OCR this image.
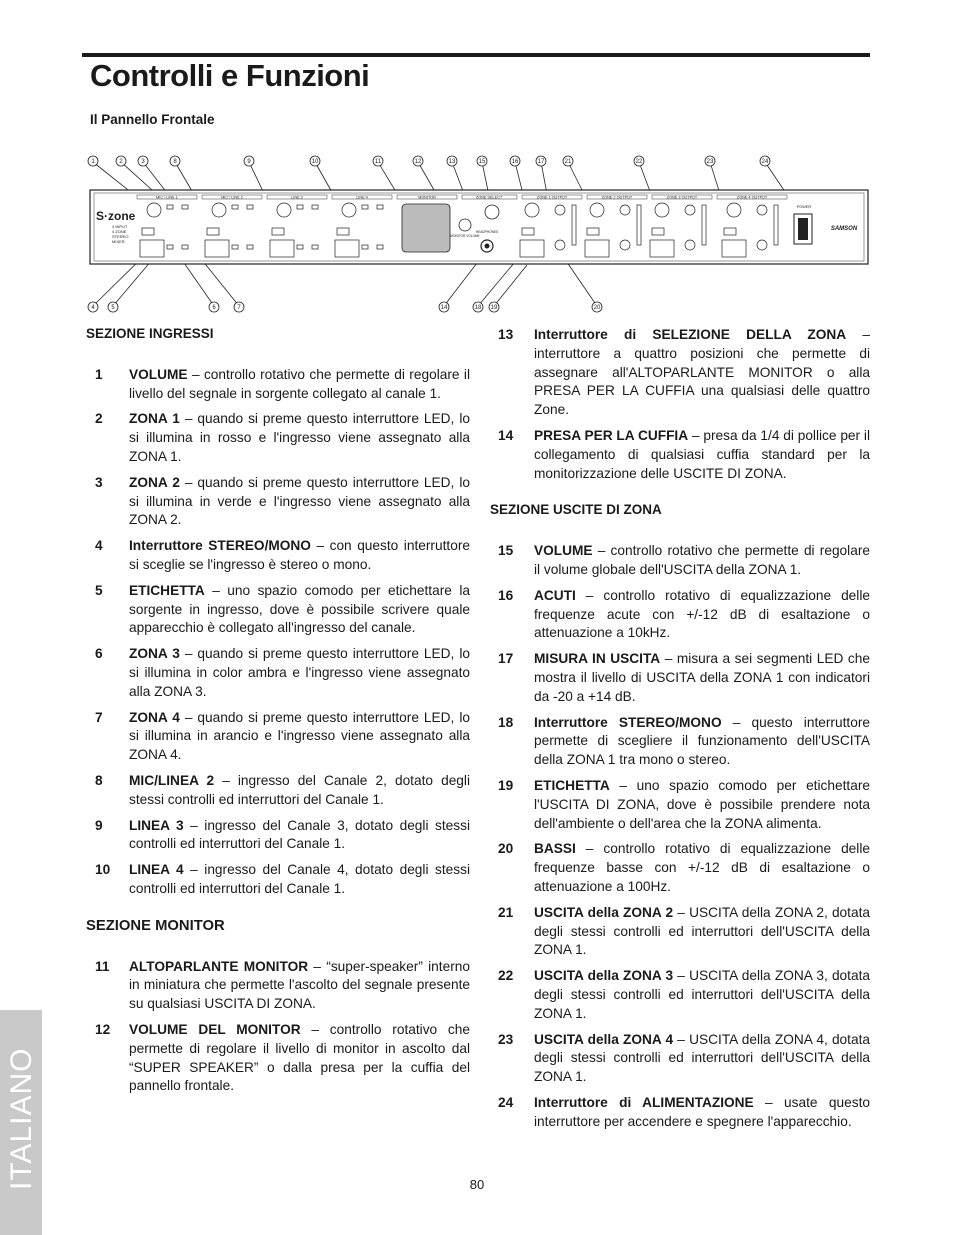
Controlli e Funzioni
Il Pannello Frontale
S·zone
4 INPUT
4 ZONE
STEREO
MIXER
MIC / LINE 1	MIC / LINE 2	LINE 3	LINE 4	MONITOR	ZONE SELECT	ZONE 1 OUTPUT	ZONE 2 OUTPUT	ZONE 3 OUTPUT	ZONE 4 OUTPUT
MONITOR VOLUME
HEADPHONES
POWER
SAMSON
1	2	3	8	9	10	11	12	13	15	16	17	21	22	23	24
4	5	6	7	14	18 19	20
SEZIONE INGRESSI
1 VOLUME – controllo rotativo che permette di regolare il livello del segnale in sorgente collegato al canale 1.
2 ZONA 1 – quando si preme questo interruttore LED, lo si illumina in rosso e l'ingresso viene assegnato alla ZONA 1.
3 ZONA 2 – quando si preme questo interruttore LED, lo si illumina in verde e l'ingresso viene assegnato alla ZONA 2.
4 Interruttore STEREO/MONO – con questo interruttore si sceglie se l'ingresso è stereo o mono.
5 ETICHETTA – uno spazio comodo per etichettare la sorgente in ingresso, dove è possibile scrivere quale apparecchio è collegato all'ingresso del canale.
6 ZONA 3 – quando si preme questo interruttore LED, lo si illumina in color ambra e l'ingresso viene assegnato alla ZONA 3.
7 ZONA 4 – quando si preme questo interruttore LED, lo si illumina in arancio e l'ingresso viene assegnato alla ZONA 4.
8 MIC/LINEA 2 – ingresso del Canale 2, dotato degli stessi controlli ed interruttori del Canale 1.
9 LINEA 3 – ingresso del Canale 3, dotato degli stessi controlli ed interruttori del Canale 1.
10 LINEA 4 – ingresso del Canale 4, dotato degli stessi controlli ed interruttori del Canale 1.
SEZIONE MONITOR
11 ALTOPARLANTE MONITOR – “super-speaker” interno in miniatura che permette l'ascolto del segnale presente su qualsiasi USCITA DI ZONA.
12 VOLUME DEL MONITOR – controllo rotativo che permette di regolare il livello di monitor in ascolto dal “SUPER SPEAKER” o dalla presa per la cuffia del pannello frontale.
13 Interruttore di SELEZIONE DELLA ZONA – interruttore a quattro posizioni che permette di assegnare all'ALTOPARLANTE MONITOR o alla PRESA PER LA CUFFIA una qualsiasi delle quattro Zone.
14 PRESA PER LA CUFFIA – presa da 1/4 di pollice per il collegamento di qualsiasi cuffia standard per la monitorizzazione delle USCITE DI ZONA.
SEZIONE USCITE DI ZONA
15 VOLUME – controllo rotativo che permette di regolare il volume globale dell'USCITA della ZONA 1.
16 ACUTI – controllo rotativo di equalizzazione delle frequenze acute con +/-12 dB di esaltazione o attenuazione a 10kHz.
17 MISURA IN USCITA – misura a sei segmenti LED che mostra il livello di USCITA della ZONA 1 con indicatori da -20 a +14 dB.
18 Interruttore STEREO/MONO – questo interruttore permette di scegliere il funzionamento dell'USCITA della ZONA 1 tra mono o stereo.
19 ETICHETTA – uno spazio comodo per etichettare l'USCITA DI ZONA, dove è possibile prendere nota dell'ambiente o dell'area che la ZONA alimenta.
20 BASSI – controllo rotativo di equalizzazione delle frequenze basse con +/-12 dB di esaltazione o attenuazione a 100Hz.
21 USCITA della ZONA 2 – USCITA della ZONA 2, dotata degli stessi controlli ed interruttori dell'USCITA della ZONA 1.
22 USCITA della ZONA 3 – USCITA della ZONA 3, dotata degli stessi controlli ed interruttori dell'USCITA della ZONA 1.
23 USCITA della ZONA 4 – USCITA della ZONA 4, dotata degli stessi controlli ed interruttori dell'USCITA della ZONA 1.
24 Interruttore di ALIMENTAZIONE – usate questo interruttore per accendere e spegnere l'apparecchio.
ITALIANO	80
